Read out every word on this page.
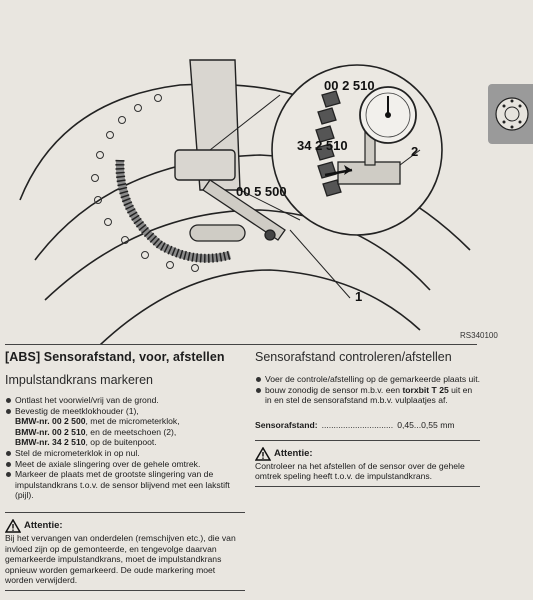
00 2 510
34 2 510
00 5 500
2
1
RS340100
[ABS] Sensorafstand, voor, afstellen
Impulstandkrans markeren
Ontlast het voorwiel/vrij van de grond.
Bevestig de meetklokhouder (1),
BMW-nr. 00 2 500, met de micrometerklok,
BMW-nr. 00 2 510, en de meetschoen (2),
BMW-nr. 34 2 510, op de buitenpoot.
Stel de micrometerklok in op nul.
Meet de axiale slingering over de gehele omtrek.
Markeer de plaats met de grootste slingering van de impulstandkrans t.o.v. de sensor blijvend met een lakstift (pijl).
Attentie:
Bij het vervangen van onderdelen (remschijven etc.), die van invloed zijn op de gemonteerde, en tengevolge daarvan gemarkeerde impulstandkrans, moet de impulstandkrans opnieuw worden gemarkeerd. De oude markering moet worden verwijderd.
Sensorafstand controleren/afstellen
Voer de controle/afstelling op de gemarkeerde plaats uit.
bouw zonodig de sensor m.b.v. een torxbit T 25 uit en in en stel de sensorafstand m.b.v. vulplaatjes af.
Sensorafstand: .............................. 0,45...0,55 mm
Attentie:
Controleer na het afstellen of de sensor over de gehele omtrek speling heeft t.o.v. de impulstandkrans.
